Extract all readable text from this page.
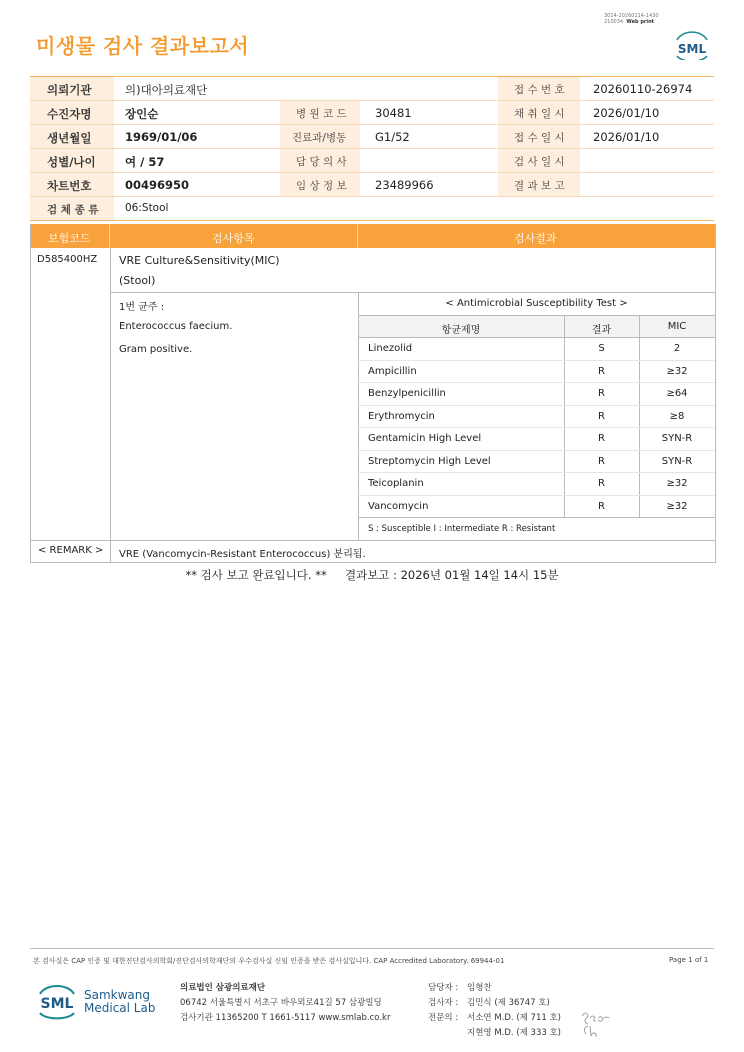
3014-20260114-1430
210034 Web print
미생물 검사 결과보고서	SML
의뢰기관	의)대아의료재단	접 수 번 호 20260110-26974
수진자명	장인순	병 원 코 드 30481	채 취 일 시 2026/01/10
생년월일	1969/01/06	진료과/병동 G1/52	접 수 일 시 2026/01/10
성별/나이	여 / 57	담 당 의 사	검 사 일 시
차트번호	00496950	임 상 정 보 23489966	결 과 보 고
검 체 종 류	06:Stool
보험코드	검사항목	검사결과
D585400HZ VRE Culture&Sensitivity(MIC)
(Stool)
1번 균주 :
Enterococcus faecium.
Gram positive.
< Antimicrobial Susceptibility Test >
항균제명	결과	MIC
Linezolid	S	2
Ampicillin	R	≥32
Benzylpenicillin	R	≥64
Erythromycin	R	≥8
Gentamicin High Level	R	SYN-R
Streptomycin High Level	R	SYN-R
Teicoplanin	R	≥32
Vancomycin	R	≥32
S : Susceptible I : Intermediate R : Resistant
< REMARK > VRE (Vancomycin-Resistant Enterococcus) 분리됨.
** 검사 보고 완료입니다. **     결과보고 : 2026년 01월 14일 14시 15분
본 검사실은 CAP 인증 및 대한진단검사의학회/진단검사의학재단의 우수검사실 신임 인증을 받은 검사실입니다. CAP Accredited Laboratory. 69944-01	Page 1 of 1
SML
Samkwang
Medical Lab
의료법인 삼광의료재단
06742 서울특별시 서초구 바우뫼로41길 57 삼광빌딩
검사기관 11365200 T 1661-5117 www.smlab.co.kr
담당자 : 임형찬
검사자 : 김민식 (제 36747 호)
전문의 : 서소연 M.D. (제 711 호)
지현영 M.D. (제 333 호)
